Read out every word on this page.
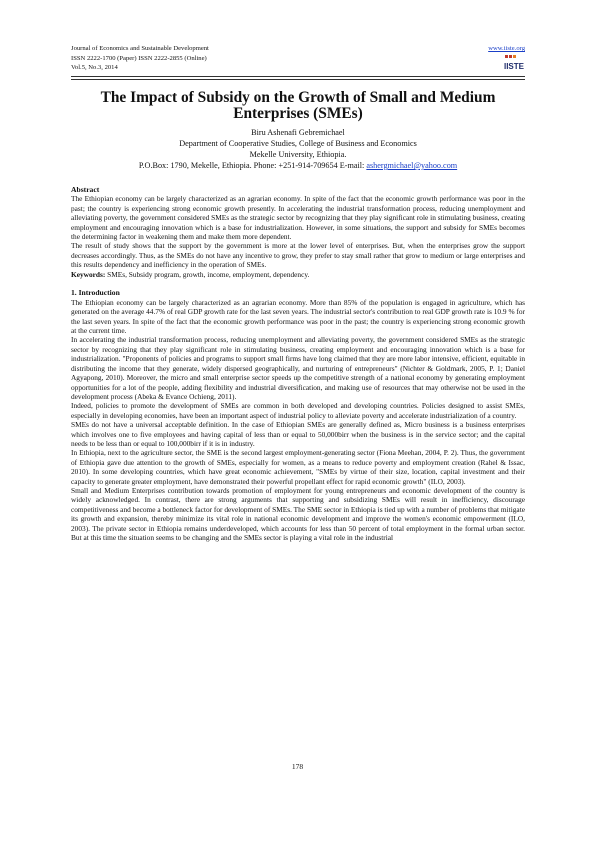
Journal of Economics and Sustainable Development
ISSN 2222-1700 (Paper) ISSN 2222-2855 (Online)
Vol.5, No.3, 2014
www.iiste.org
IISTE
The Impact of Subsidy on the Growth of Small and Medium Enterprises (SMEs)
Biru Ashenafi Gebremichael
Department of Cooperative Studies, College of Business and Economics
Mekelle University, Ethiopia.
P.O.Box: 1790, Mekelle, Ethiopia. Phone: +251-914-709654 E-mail: ashergmichael@yahoo.com
Abstract

The Ethiopian economy can be largely characterized as an agrarian economy. In spite of the fact that the economic growth performance was poor in the past; the country is experiencing strong economic growth presently. In accelerating the industrial transformation process, reducing unemployment and alleviating poverty, the government considered SMEs as the strategic sector by recognizing that they play significant role in stimulating business, creating employment and encouraging innovation which is a base for industrialization. However, in some situations, the support and subsidy for SMEs becomes the determining factor in weakening them and make them more dependent.

The result of study shows that the support by the government is more at the lower level of enterprises. But, when the enterprises grow the support decreases accordingly. Thus, as the SMEs do not have any incentive to grow, they prefer to stay small rather that grow to medium or large enterprises and this results dependency and inefficiency in the operation of SMEs.

Keywords: SMEs, Subsidy program, growth, income, employment, dependency.

1. Introduction

The Ethiopian economy can be largely characterized as an agrarian economy. More than 85% of the population is engaged in agriculture, which has generated on the average 44.7% of real GDP growth rate for the last seven years. The industrial sector's contribution to real GDP growth rate is 10.9 % for the last seven years. In spite of the fact that the economic growth performance was poor in the past; the country is experiencing strong economic growth at the current time.

In accelerating the industrial transformation process, reducing unemployment and alleviating poverty, the government considered SMEs as the strategic sector by recognizing that they play significant role in stimulating business, creating employment and encouraging innovation which is a base for industrialization. "Proponents of policies and programs to support small firms have long claimed that they are more labor intensive, efficient, equitable in distributing the income that they generate, widely dispersed geographically, and nurturing of entrepreneurs" (Nichter & Goldmark, 2005, P. 1; Daniel Agyapong, 2010). Moreover, the micro and small enterprise sector speeds up the competitive strength of a national economy by generating employment opportunities for a lot of the people, adding flexibility and industrial diversification, and making use of resources that may otherwise not be used in the development process (Abeka & Evance Ochieng, 2011).

Indeed, policies to promote the development of SMEs are common in both developed and developing countries. Policies designed to assist SMEs, especially in developing economies, have been an important aspect of industrial policy to alleviate poverty and accelerate industrialization of a country.

SMEs do not have a universal acceptable definition. In the case of Ethiopian SMEs are generally defined as, Micro business is a business enterprises which involves one to five employees and having capital of less than or equal to 50,000birr when the business is in the service sector; and the capital needs to be less than or equal to 100,000birr if it is in industry.

In Ethiopia, next to the agriculture sector, the SME is the second largest employment-generating sector (Fiona Meehan, 2004, P. 2). Thus, the government of Ethiopia gave due attention to the growth of SMEs, especially for women, as a means to reduce poverty and employment creation (Rahel & Issac, 2010). In some developing countries, which have great economic achievement, "SMEs by virtue of their size, location, capital investment and their capacity to generate greater employment, have demonstrated their powerful propellant effect for rapid economic growth" (ILO, 2003).

Small and Medium Enterprises contribution towards promotion of employment for young entrepreneurs and economic development of the country is widely acknowledged. In contrast, there are strong arguments that supporting and subsidizing SMEs will result in inefficiency, discourage competitiveness and become a bottleneck factor for development of SMEs. The SME sector in Ethiopia is tied up with a number of problems that mitigate its growth and expansion, thereby minimize its vital role in national economic development and improve the women's economic empowerment (ILO, 2003). The private sector in Ethiopia remains underdeveloped, which accounts for less than 50 percent of total employment in the formal urban sector. But at this time the situation seems to be changing and the SMEs sector is playing a vital role in the industrial

178
